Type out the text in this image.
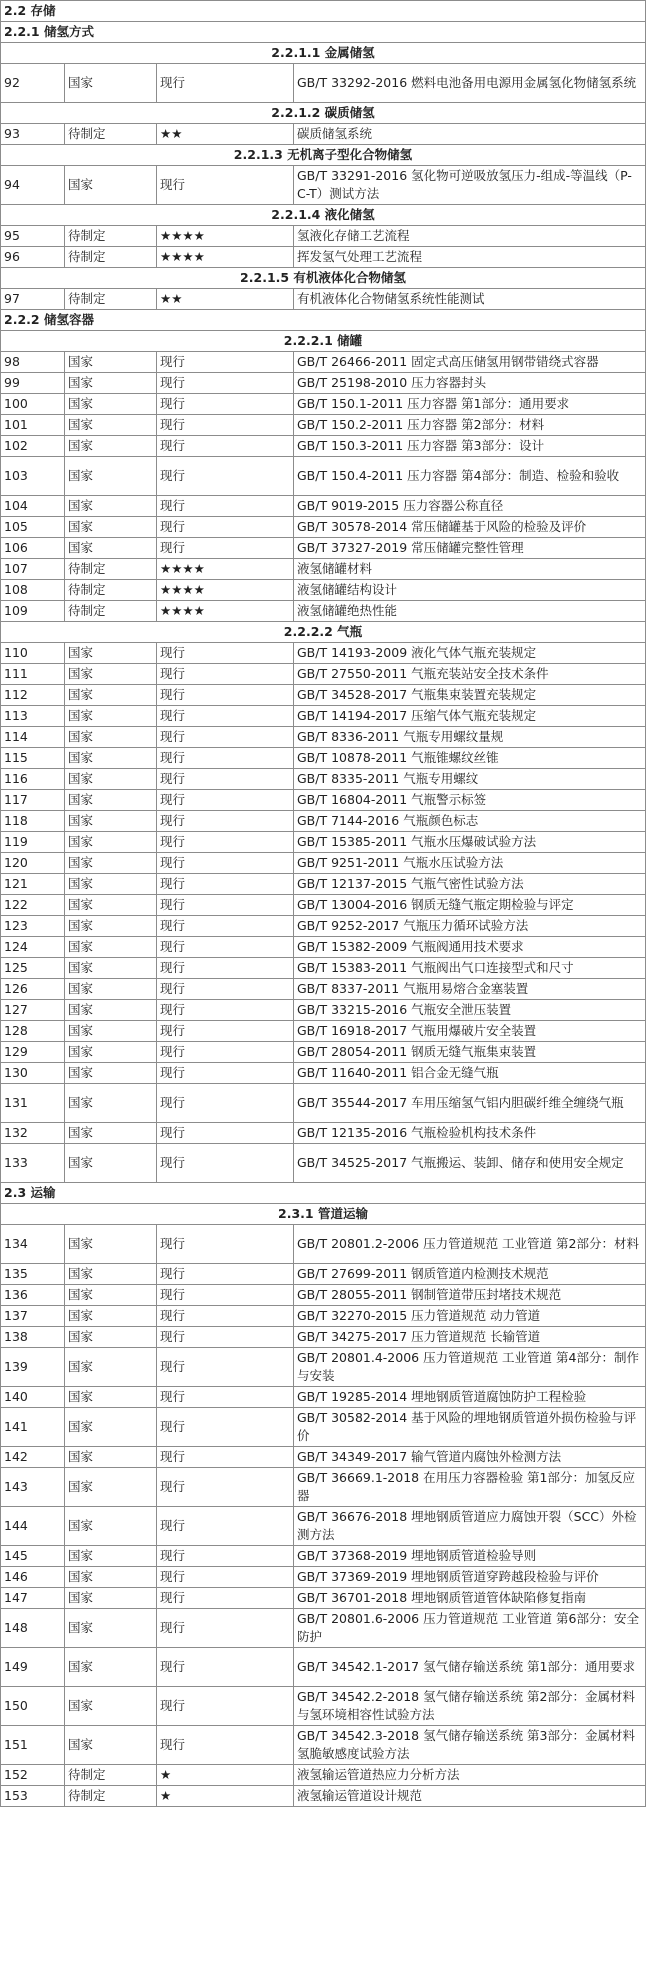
2.2 存储			
2.2.1 储氢方式			
2.2.1.1 金属储氢			
92	国家	现行	GB/T 33292-2016 燃料电池备用电源用金属氢化物储氢系统
2.2.1.2 碳质储氢			
93	待制定	★★	碳质储氢系统
2.2.1.3 无机离子型化合物储氢			
94	国家	现行	GB/T 33291-2016 氢化物可逆吸放氢压力-组成-等温线（P-C-T）测试方法
2.2.1.4 液化储氢			
95	待制定	★★★★	氢液化存储工艺流程
96	待制定	★★★★	挥发氢气处理工艺流程
2.2.1.5 有机液体化合物储氢			
97	待制定	★★	有机液体化合物储氢系统性能测试
2.2.2 储氢容器			
2.2.2.1 储罐			
98	国家	现行	GB/T 26466-2011 固定式高压储氢用钢带错绕式容器
99	国家	现行	GB/T 25198-2010 压力容器封头
100	国家	现行	GB/T 150.1-2011 压力容器 第1部分：通用要求
101	国家	现行	GB/T 150.2-2011 压力容器 第2部分：材料
102	国家	现行	GB/T 150.3-2011 压力容器 第3部分：设计
103	国家	现行	GB/T 150.4-2011 压力容器 第4部分：制造、检验和验收
104	国家	现行	GB/T 9019-2015 压力容器公称直径
105	国家	现行	GB/T 30578-2014 常压储罐基于风险的检验及评价
106	国家	现行	GB/T 37327-2019 常压储罐完整性管理
107	待制定	★★★★	液氢储罐材料
108	待制定	★★★★	液氢储罐结构设计
109	待制定	★★★★	液氢储罐绝热性能
2.2.2.2 气瓶			
110	国家	现行	GB/T 14193-2009 液化气体气瓶充装规定
111	国家	现行	GB/T 27550-2011 气瓶充装站安全技术条件
112	国家	现行	GB/T 34528-2017 气瓶集束装置充装规定
113	国家	现行	GB/T 14194-2017 压缩气体气瓶充装规定
114	国家	现行	GB/T 8336-2011 气瓶专用螺纹量规
115	国家	现行	GB/T 10878-2011 气瓶锥螺纹丝锥
116	国家	现行	GB/T 8335-2011 气瓶专用螺纹
117	国家	现行	GB/T 16804-2011 气瓶警示标签
118	国家	现行	GB/T 7144-2016 气瓶颜色标志
119	国家	现行	GB/T 15385-2011 气瓶水压爆破试验方法
120	国家	现行	GB/T 9251-2011 气瓶水压试验方法
121	国家	现行	GB/T 12137-2015 气瓶气密性试验方法
122	国家	现行	GB/T 13004-2016 钢质无缝气瓶定期检验与评定
123	国家	现行	GB/T 9252-2017 气瓶压力循环试验方法
124	国家	现行	GB/T 15382-2009 气瓶阀通用技术要求
125	国家	现行	GB/T 15383-2011 气瓶阀出气口连接型式和尺寸
126	国家	现行	GB/T 8337-2011 气瓶用易熔合金塞装置
127	国家	现行	GB/T 33215-2016 气瓶安全泄压装置
128	国家	现行	GB/T 16918-2017 气瓶用爆破片安全装置
129	国家	现行	GB/T 28054-2011 钢质无缝气瓶集束装置
130	国家	现行	GB/T 11640-2011 铝合金无缝气瓶
131	国家	现行	GB/T 35544-2017 车用压缩氢气铝内胆碳纤维全缠绕气瓶
132	国家	现行	GB/T 12135-2016 气瓶检验机构技术条件
133	国家	现行	GB/T 34525-2017 气瓶搬运、装卸、储存和使用安全规定
2.3 运输			
2.3.1 管道运输			
134	国家	现行	GB/T 20801.2-2006 压力管道规范 工业管道 第2部分：材料
135	国家	现行	GB/T 27699-2011 钢质管道内检测技术规范
136	国家	现行	GB/T 28055-2011 钢制管道带压封堵技术规范
137	国家	现行	GB/T 32270-2015 压力管道规范 动力管道
138	国家	现行	GB/T 34275-2017 压力管道规范 长输管道
139	国家	现行	GB/T 20801.4-2006 压力管道规范 工业管道 第4部分：制作与安装
140	国家	现行	GB/T 19285-2014 埋地钢质管道腐蚀防护工程检验
141	国家	现行	GB/T 30582-2014 基于风险的埋地钢质管道外损伤检验与评价
142	国家	现行	GB/T 34349-2017 输气管道内腐蚀外检测方法
143	国家	现行	GB/T 36669.1-2018 在用压力容器检验 第1部分：加氢反应器
144	国家	现行	GB/T 36676-2018 埋地钢质管道应力腐蚀开裂（SCC）外检测方法
145	国家	现行	GB/T 37368-2019 埋地钢质管道检验导则
146	国家	现行	GB/T 37369-2019 埋地钢质管道穿跨越段检验与评价
147	国家	现行	GB/T 36701-2018 埋地钢质管道管体缺陷修复指南
148	国家	现行	GB/T 20801.6-2006 压力管道规范 工业管道 第6部分：安全防护
149	国家	现行	GB/T 34542.1-2017 氢气储存输送系统 第1部分：通用要求
150	国家	现行	GB/T 34542.2-2018 氢气储存输送系统 第2部分：金属材料与氢环境相容性试验方法
151	国家	现行	GB/T 34542.3-2018 氢气储存输送系统 第3部分：金属材料氢脆敏感度试验方法
152	待制定	★	液氢输运管道热应力分析方法
153	待制定	★	液氢输运管道设计规范
